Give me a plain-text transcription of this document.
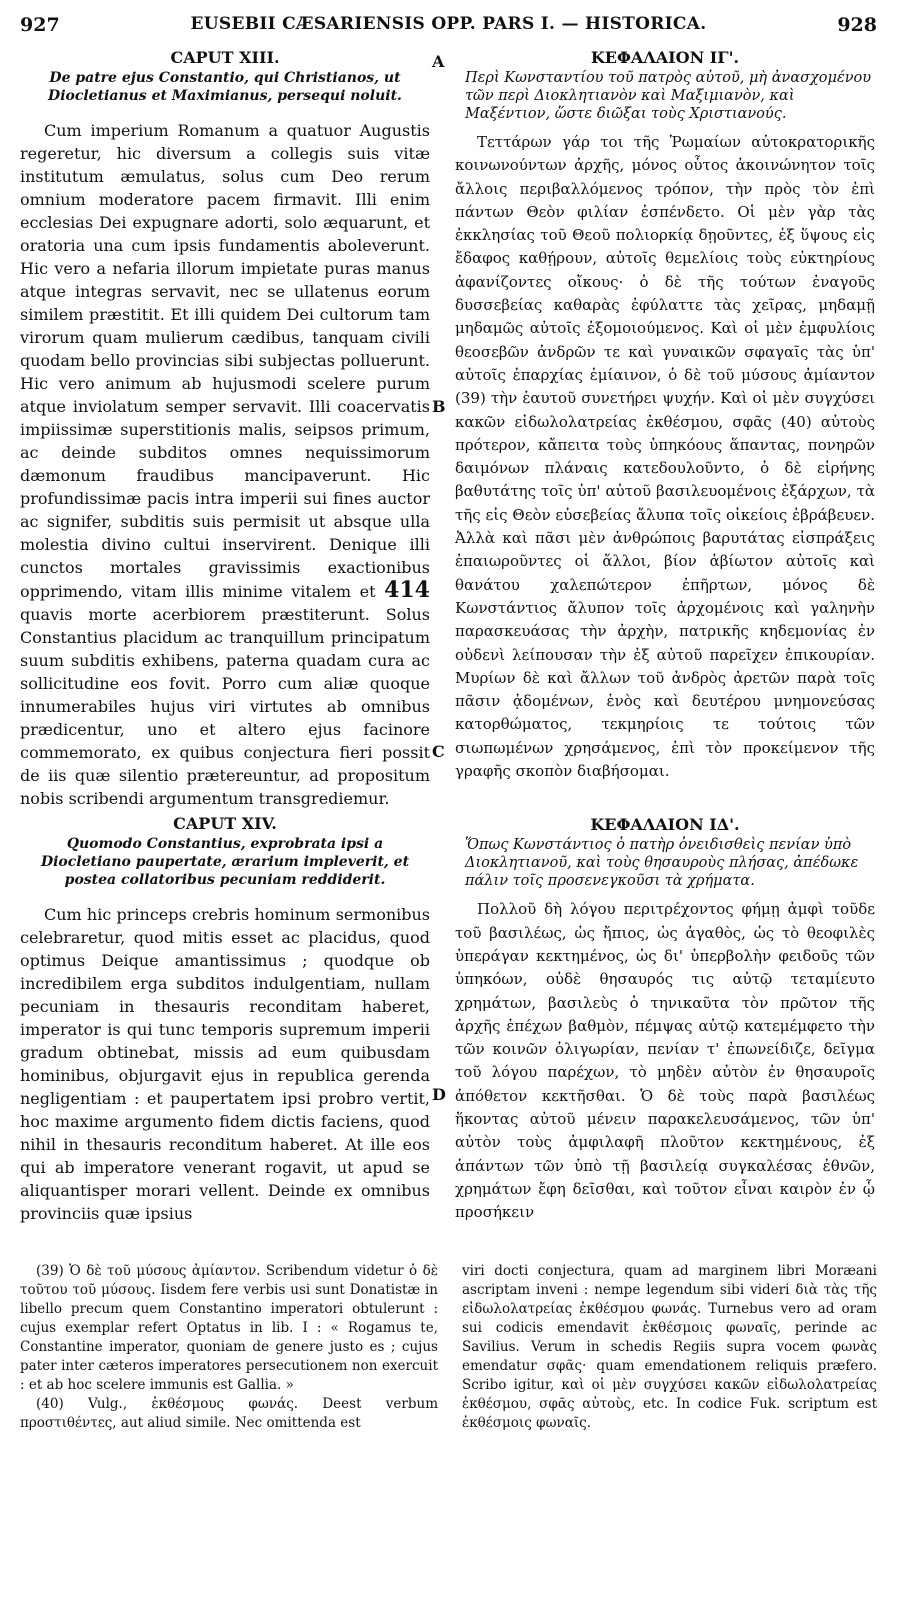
927	EUSEBII CÆSARIENSIS OPP. PARS I. — HISTORICA.	928
A
B
C
D
CAPUT XIII.
De patre ejus Constantio, qui Christianos, ut Diocletianus et Maximianus, persequi noluit.

Cum imperium Romanum a quatuor Augustis regeretur, hic diversum a collegis suis vitæ institutum æmulatus, solus cum Deo rerum omnium moderatore pacem firmavit. Illi enim ecclesias Dei expugnare adorti, solo æquarunt, et oratoria una cum ipsis fundamentis aboleverunt. Hic vero a nefaria illorum impietate puras manus atque integras servavit, nec se ullatenus eorum similem præstitit. Et illi quidem Dei cultorum tam virorum quam mulierum cædibus, tanquam civili quodam bello provincias sibi subjectas polluerunt. Hic vero animum ab hujusmodi scelere purum atque inviolatum semper servavit. Illi coacervatis impiissimæ superstitionis malis, seipsos primum, ac deinde subditos omnes nequissimorum dæmonum fraudibus mancipaverunt. Hic profundissimæ pacis intra imperii sui fines auctor ac signifer, subditis suis permisit ut absque ulla molestia divino cultui inservirent. Denique illi cunctos mortales gravissimis exactionibus opprimendo, vitam illis minime vitalem et 414 quavis morte acerbiorem præstiterunt. Solus Constantius placidum ac tranquillum principatum suum subditis exhibens, paterna quadam cura ac sollicitudine eos fovit. Porro cum aliæ quoque innumerabiles hujus viri virtutes ab omnibus prædicentur, uno et altero ejus facinore commemorato, ex quibus conjectura fieri possit de iis quæ silentio prætereuntur, ad propositum nobis scribendi argumentum transgrediemur.

CAPUT XIV.
Quomodo Constantius, exprobrata ipsi a Diocletiano paupertate, ærarium impleverit, et postea collatoribus pecuniam reddiderit.

Cum hic princeps crebris hominum sermonibus celebraretur, quod mitis esset ac placidus, quod optimus Deique amantissimus ; quodque ob incredibilem erga subditos indulgentiam, nullam pecuniam in thesauris reconditam haberet, imperator is qui tunc temporis supremum imperii gradum obtinebat, missis ad eum quibusdam hominibus, objurgavit ejus in republica gerenda negligentiam : et paupertatem ipsi probro vertit, hoc maxime argumento fidem dictis faciens, quod nihil in thesauris reconditum haberet. At ille eos qui ab imperatore venerant rogavit, ut apud se aliquantisper morari vellent. Deinde ex omnibus provinciis quæ ipsius

ΚΕΦΑΛΑΙΟΝ ΙΓ'.
Περὶ Κωνσταντίου τοῦ πατρὸς αὐτοῦ, μὴ ἀνασχομένου τῶν περὶ Διοκλητιανὸν καὶ Μαξιμιανὸν, καὶ Μαξέντιον, ὥστε διῶξαι τοὺς Χριστιανούς.

Τεττάρων γάρ τοι τῆς Ῥωμαίων αὐτοκρατορικῆς κοινωνούντων ἀρχῆς, μόνος οὗτος ἀκοινώνητον τοῖς ἄλλοις περιβαλλόμενος τρόπον, τὴν πρὸς τὸν ἐπὶ πάντων Θεὸν φιλίαν ἐσπένδετο. Οἱ μὲν γὰρ τὰς ἐκκλησίας τοῦ Θεοῦ πολιορκίᾳ δῃοῦντες, ἐξ ὕψους εἰς ἔδαφος καθῄρουν, αὐτοῖς θεμελίοις τοὺς εὐκτηρίους ἀφανίζοντες οἴκους· ὁ δὲ τῆς τούτων ἐναγοῦς δυσσεβείας καθαρὰς ἐφύλαττε τὰς χεῖρας, μηδαμῇ μηδαμῶς αὐτοῖς ἐξομοιούμενος. Καὶ οἱ μὲν ἐμφυλίοις θεοσεβῶν ἀνδρῶν τε καὶ γυναικῶν σφαγαῖς τὰς ὑπ' αὐτοῖς ἐπαρχίας ἐμίαινον, ὁ δὲ τοῦ μύσους ἀμίαντον (39) τὴν ἑαυτοῦ συνετήρει ψυχήν. Καὶ οἱ μὲν συγχύσει κακῶν εἰδωλολατρείας ἐκθέσμου, σφᾶς (40) αὐτοὺς πρότερον, κἄπειτα τοὺς ὑπηκόους ἅπαντας, πονηρῶν δαιμόνων πλάναις κατεδουλοῦντο, ὁ δὲ εἰρήνης βαθυτάτης τοῖς ὑπ' αὐτοῦ βασιλευομένοις ἐξάρχων, τὰ τῆς εἰς Θεὸν εὐσεβείας ἄλυπα τοῖς οἰκείοις ἐβράβευεν. Ἀλλὰ καὶ πᾶσι μὲν ἀνθρώποις βαρυτάτας εἰσπράξεις ἐπαιωροῦντες οἱ ἄλλοι, βίον ἀβίωτον αὐτοῖς καὶ θανάτου χαλεπώτερον ἐπῆρτων, μόνος δὲ Κωνστάντιος ἄλυπον τοῖς ἀρχομένοις καὶ γαληνὴν παρασκευάσας τὴν ἀρχὴν, πατρικῆς κηδεμονίας ἐν οὐδενὶ λείπουσαν τὴν ἐξ αὐτοῦ παρεῖχεν ἐπικουρίαν. Μυρίων δὲ καὶ ἄλλων τοῦ ἀνδρὸς ἀρετῶν παρὰ τοῖς πᾶσιν ᾀδομένων, ἑνὸς καὶ δευτέρου μνημονεύσας κατορθώματος, τεκμηρίοις τε τούτοις τῶν σιωπωμένων χρησάμενος, ἐπὶ τὸν προκείμενον τῆς γραφῆς σκοπὸν διαβήσομαι.

ΚΕΦΑΛΑΙΟΝ ΙΔ'.
Ὅπως Κωνστάντιος ὁ πατὴρ ὀνειδισθεὶς πενίαν ὑπὸ Διοκλητιανοῦ, καὶ τοὺς θησαυροὺς πλήσας, ἀπέδωκε πάλιν τοῖς προσενεγκοῦσι τὰ χρήματα.

Πολλοῦ δὴ λόγου περιτρέχοντος φήμῃ ἀμφὶ τοῦδε τοῦ βασιλέως, ὡς ἤπιος, ὡς ἀγαθὸς, ὡς τὸ θεοφιλὲς ὑπεράγαν κεκτημένος, ὡς δι' ὑπερβολὴν φειδοῦς τῶν ὑπηκόων, οὐδὲ θησαυρός τις αὐτῷ τεταμίευτο χρημάτων, βασιλεὺς ὁ τηνικαῦτα τὸν πρῶτον τῆς ἀρχῆς ἐπέχων βαθμὸν, πέμψας αὐτῷ κατεμέμφετο τὴν τῶν κοινῶν ὀλιγωρίαν, πενίαν τ' ἐπωνείδιζε, δεῖγμα τοῦ λόγου παρέχων, τὸ μηδὲν αὐτὸν ἐν θησαυροῖς ἀπόθετον κεκτῆσθαι. Ὁ δὲ τοὺς παρὰ βασιλέως ἥκοντας αὐτοῦ μένειν παρακελευσάμενος, τῶν ὑπ' αὐτὸν τοὺς ἀμφιλαφῆ πλοῦτον κεκτημένους, ἐξ ἁπάντων τῶν ὑπὸ τῇ βασιλείᾳ συγκαλέσας ἐθνῶν, χρημάτων ἔφη δεῖσθαι, καὶ τοῦτον εἶναι καιρὸν ἐν ᾧ προσήκειν

(39) Ὁ δὲ τοῦ μύσους ἀμίαντον. Scribendum videtur ὁ δὲ τοῦτου τοῦ μύσους. Iisdem fere verbis usi sunt Donatistæ in libello precum quem Constantino imperatori obtulerunt : cujus exemplar refert Optatus in lib. I : « Rogamus te, Constantine imperator, quoniam de genere justo es ; cujus pater inter cæteros imperatores persecutionem non exercuit : et ab hoc scelere immunis est Gallia. »

(40) Vulg., ἐκθέσμους φωνάς. Deest verbum προστιθέντες, aut aliud simile. Nec omittenda est

viri docti conjectura, quam ad marginem libri Moræani ascriptam inveni : nempe legendum sibi videri διὰ τὰς τῆς εἰδωλολατρείας ἐκθέσμου φωνάς. Turnebus vero ad oram sui codicis emendavit ἐκθέσμοις φωναῖς, perinde ac Savilius. Verum in schedis Regiis supra vocem φωνὰς emendatur σφᾶς· quam emendationem reliquis præfero. Scribo igitur, καὶ οἱ μὲν συγχύσει κακῶν εἰδωλολατρείας ἐκθέσμου, σφᾶς αὐτοὺς, etc. In codice Fuk. scriptum est ἐκθέσμοις φωναῖς.
